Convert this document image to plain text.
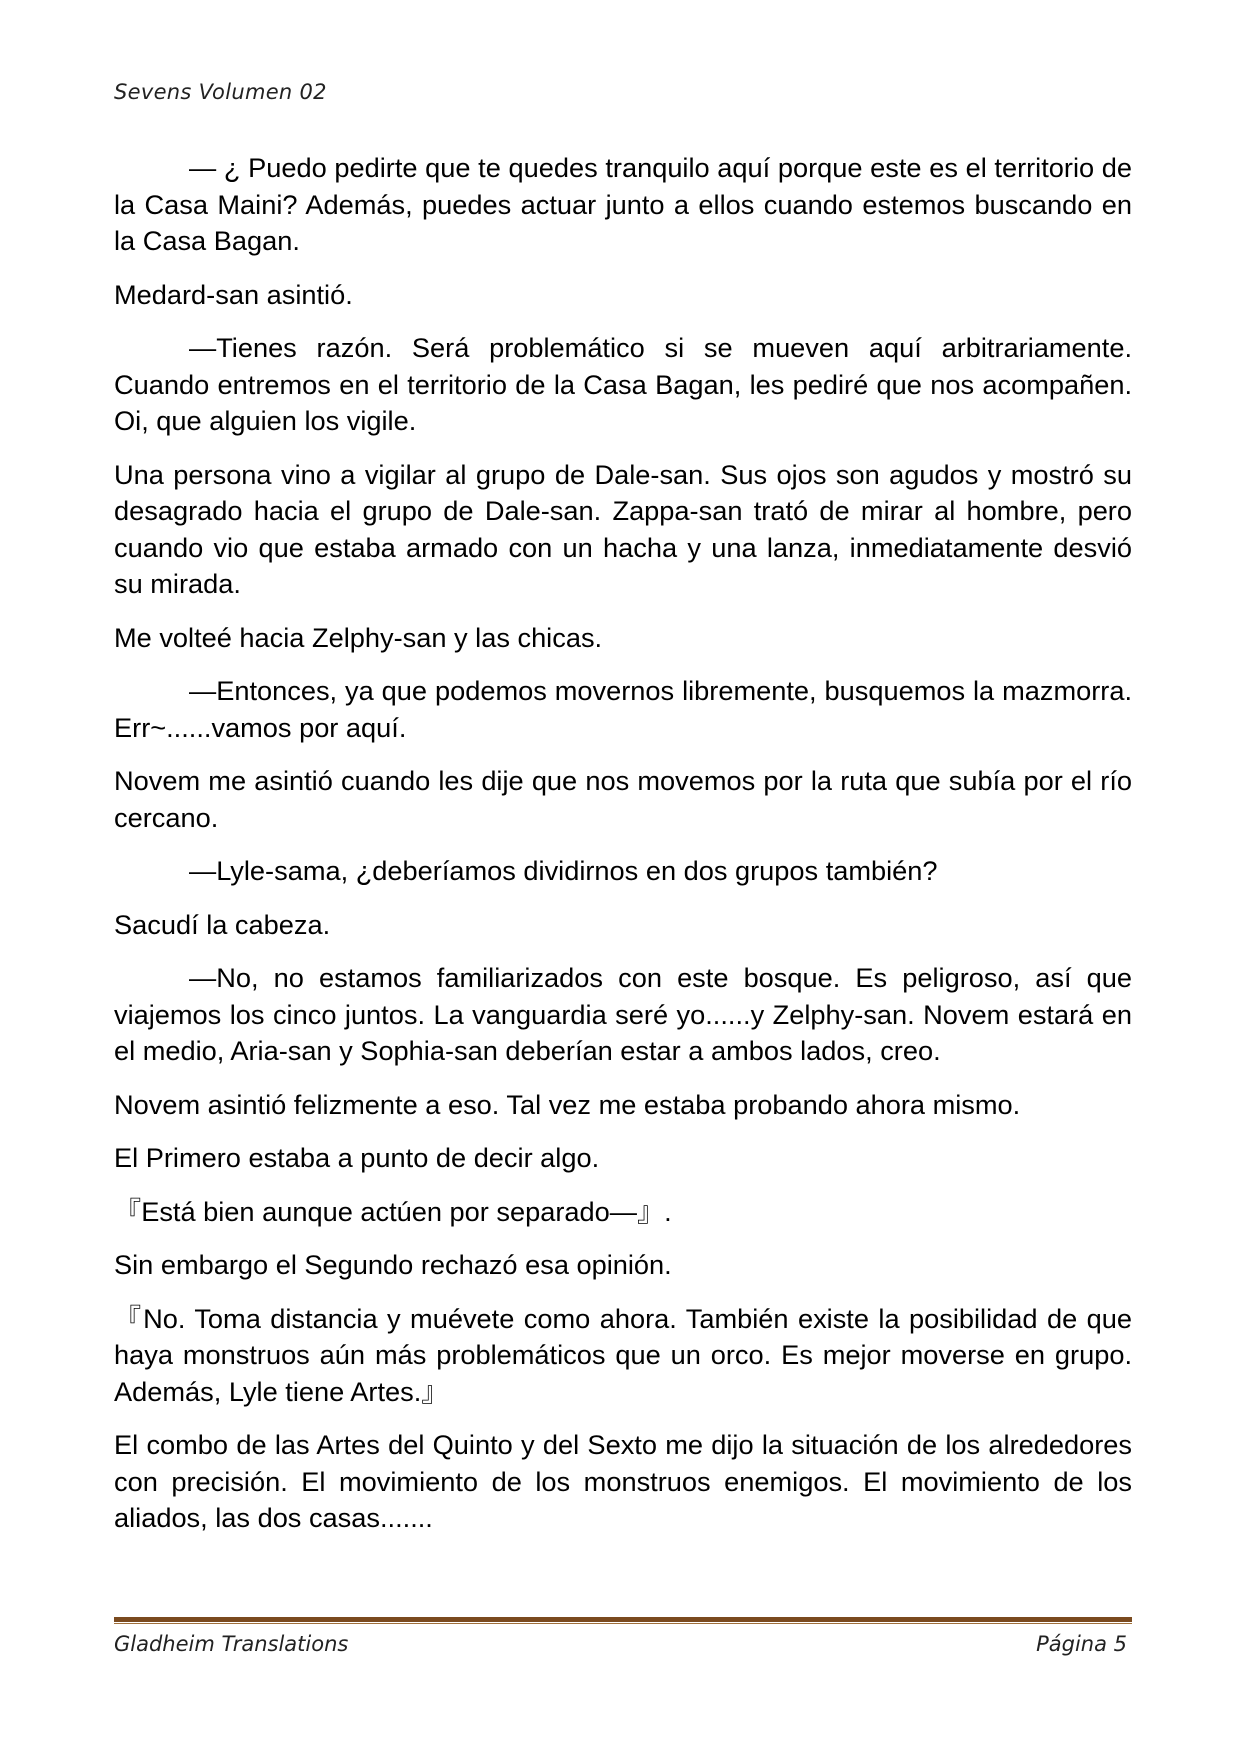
Sevens Volumen 02

— ¿ Puedo pedirte que te quedes tranquilo aquí porque este es el territorio de la Casa Maini? Además, puedes actuar junto a ellos cuando estemos buscando en la Casa Bagan.

Medard-san asintió.

—Tienes razón. Será problemático si se mueven aquí arbitrariamente. Cuando entremos en el territorio de la Casa Bagan, les pediré que nos acompañen. Oi, que alguien los vigile.

Una persona vino a vigilar al grupo de Dale-san. Sus ojos son agudos y mostró su desagrado hacia el grupo de Dale-san. Zappa-san trató de mirar al hombre, pero cuando vio que estaba armado con un hacha y una lanza, inmediatamente desvió su mirada.

Me volteé hacia Zelphy-san y las chicas.

—Entonces, ya que podemos movernos libremente, busquemos la mazmorra. Err~......vamos por aquí.

Novem me asintió cuando les dije que nos movemos por la ruta que subía por el río cercano.

—Lyle-sama, ¿deberíamos dividirnos en dos grupos también?

Sacudí la cabeza.

—No, no estamos familiarizados con este bosque. Es peligroso, así que viajemos los cinco juntos. La vanguardia seré yo......y Zelphy-san. Novem estará en el medio, Aria-san y Sophia-san deberían estar a ambos lados, creo.

Novem asintió felizmente a eso. Tal vez me estaba probando ahora mismo.

El Primero estaba a punto de decir algo.

『Está bien aunque actúen por separado—』.

Sin embargo el Segundo rechazó esa opinión.

『No. Toma distancia y muévete como ahora. También existe la posibilidad de que haya monstruos aún más problemáticos que un orco. Es mejor moverse en grupo. Además, Lyle tiene Artes.』

El combo de las Artes del Quinto y del Sexto me dijo la situación de los alrededores con precisión. El movimiento de los monstruos enemigos. El movimiento de los aliados, las dos casas.......

Gladheim Translations	Página 5
